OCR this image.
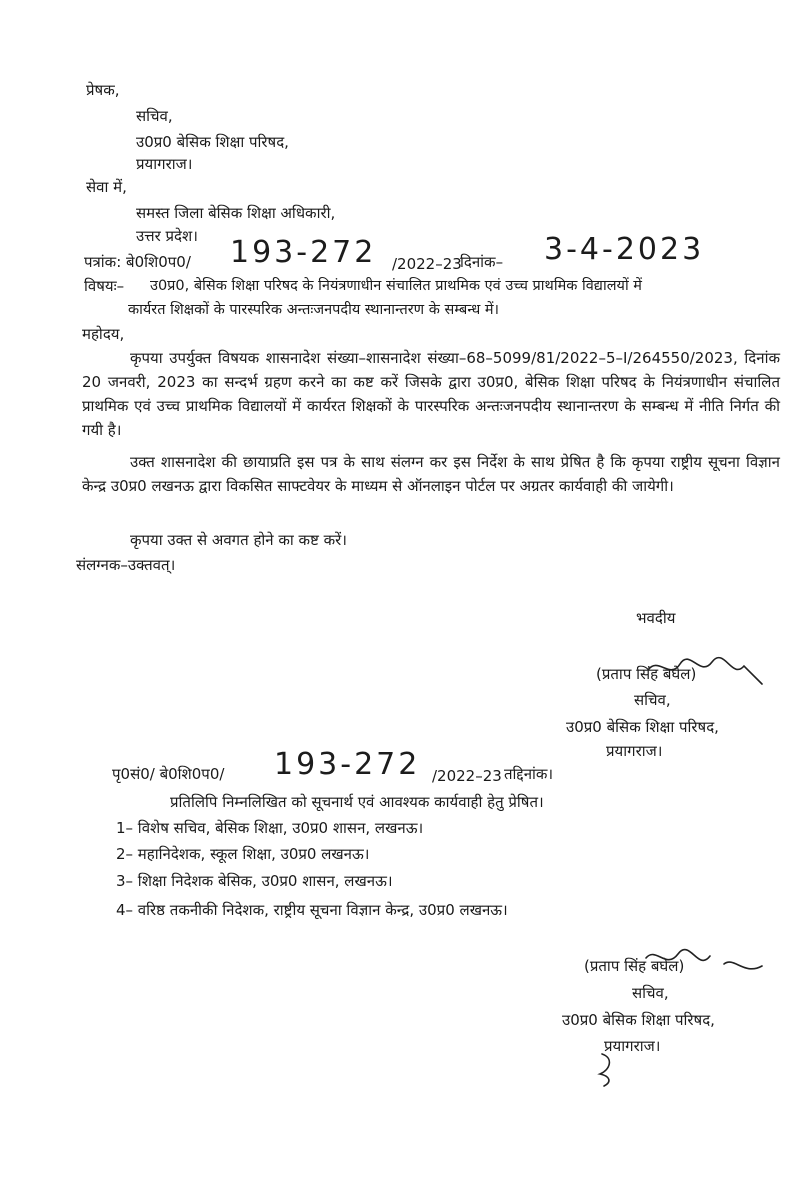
प्रेषक,
सचिव,
उ0प्र0 बेसिक शिक्षा परिषद,
प्रयागराज।
सेवा में,
समस्त जिला बेसिक शिक्षा अधिकारी,
उत्तर प्रदेश।
पत्रांक: बे0शि0प0/ 193-272 /2022–23
दिनांक– 3-4-2023
विषयः– उ0प्र0, बेसिक शिक्षा परिषद के नियंत्रणाधीन संचालित प्राथमिक एवं उच्च प्राथमिक विद्यालयों में
कार्यरत शिक्षकों के पारस्परिक अन्तःजनपदीय स्थानान्तरण के सम्बन्ध में।
महोदय,
कृपया उपर्युक्त विषयक शासनादेश संख्या–शासनादेश संख्या–68–5099/81/2022–5–I/264550/2023, दिनांक 20 जनवरी, 2023 का सन्दर्भ ग्रहण करने का कष्ट करें जिसके द्वारा उ0प्र0, बेसिक शिक्षा परिषद के नियंत्रणाधीन संचालित प्राथमिक एवं उच्च प्राथमिक विद्यालयों में कार्यरत शिक्षकों के पारस्परिक अन्तःजनपदीय स्थानान्तरण के सम्बन्ध में नीति निर्गत की गयी है।
उक्त शासनादेश की छायाप्रति इस पत्र के साथ संलग्न कर इस निर्देश के साथ प्रेषित है कि कृपया राष्ट्रीय सूचना विज्ञान केन्द्र उ0प्र0 लखनऊ द्वारा विकसित साफ्टवेयर के माध्यम से ऑनलाइन पोर्टल पर अग्रतर कार्यवाही की जायेगी।
कृपया उक्त से अवगत होने का कष्ट करें।
संलग्नक–उक्तवत्।
भवदीय
(प्रताप सिंह बघेल)
सचिव,
उ0प्र0 बेसिक शिक्षा परिषद,
प्रयागराज।
पृ0सं0/ बे0शि0प0/ 193-272 /2022–23 तद्दिनांक।
प्रतिलिपि निम्नलिखित को सूचनार्थ एवं आवश्यक कार्यवाही हेतु प्रेषित।
1– विशेष सचिव, बेसिक शिक्षा, उ0प्र0 शासन, लखनऊ।
2– महानिदेशक, स्कूल शिक्षा, उ0प्र0 लखनऊ।
3– शिक्षा निदेशक बेसिक, उ0प्र0 शासन, लखनऊ।
4– वरिष्ठ तकनीकी निदेशक, राष्ट्रीय सूचना विज्ञान केन्द्र, उ0प्र0 लखनऊ।
(प्रताप सिंह बघेल)
सचिव,
उ0प्र0 बेसिक शिक्षा परिषद,
प्रयागराज।
